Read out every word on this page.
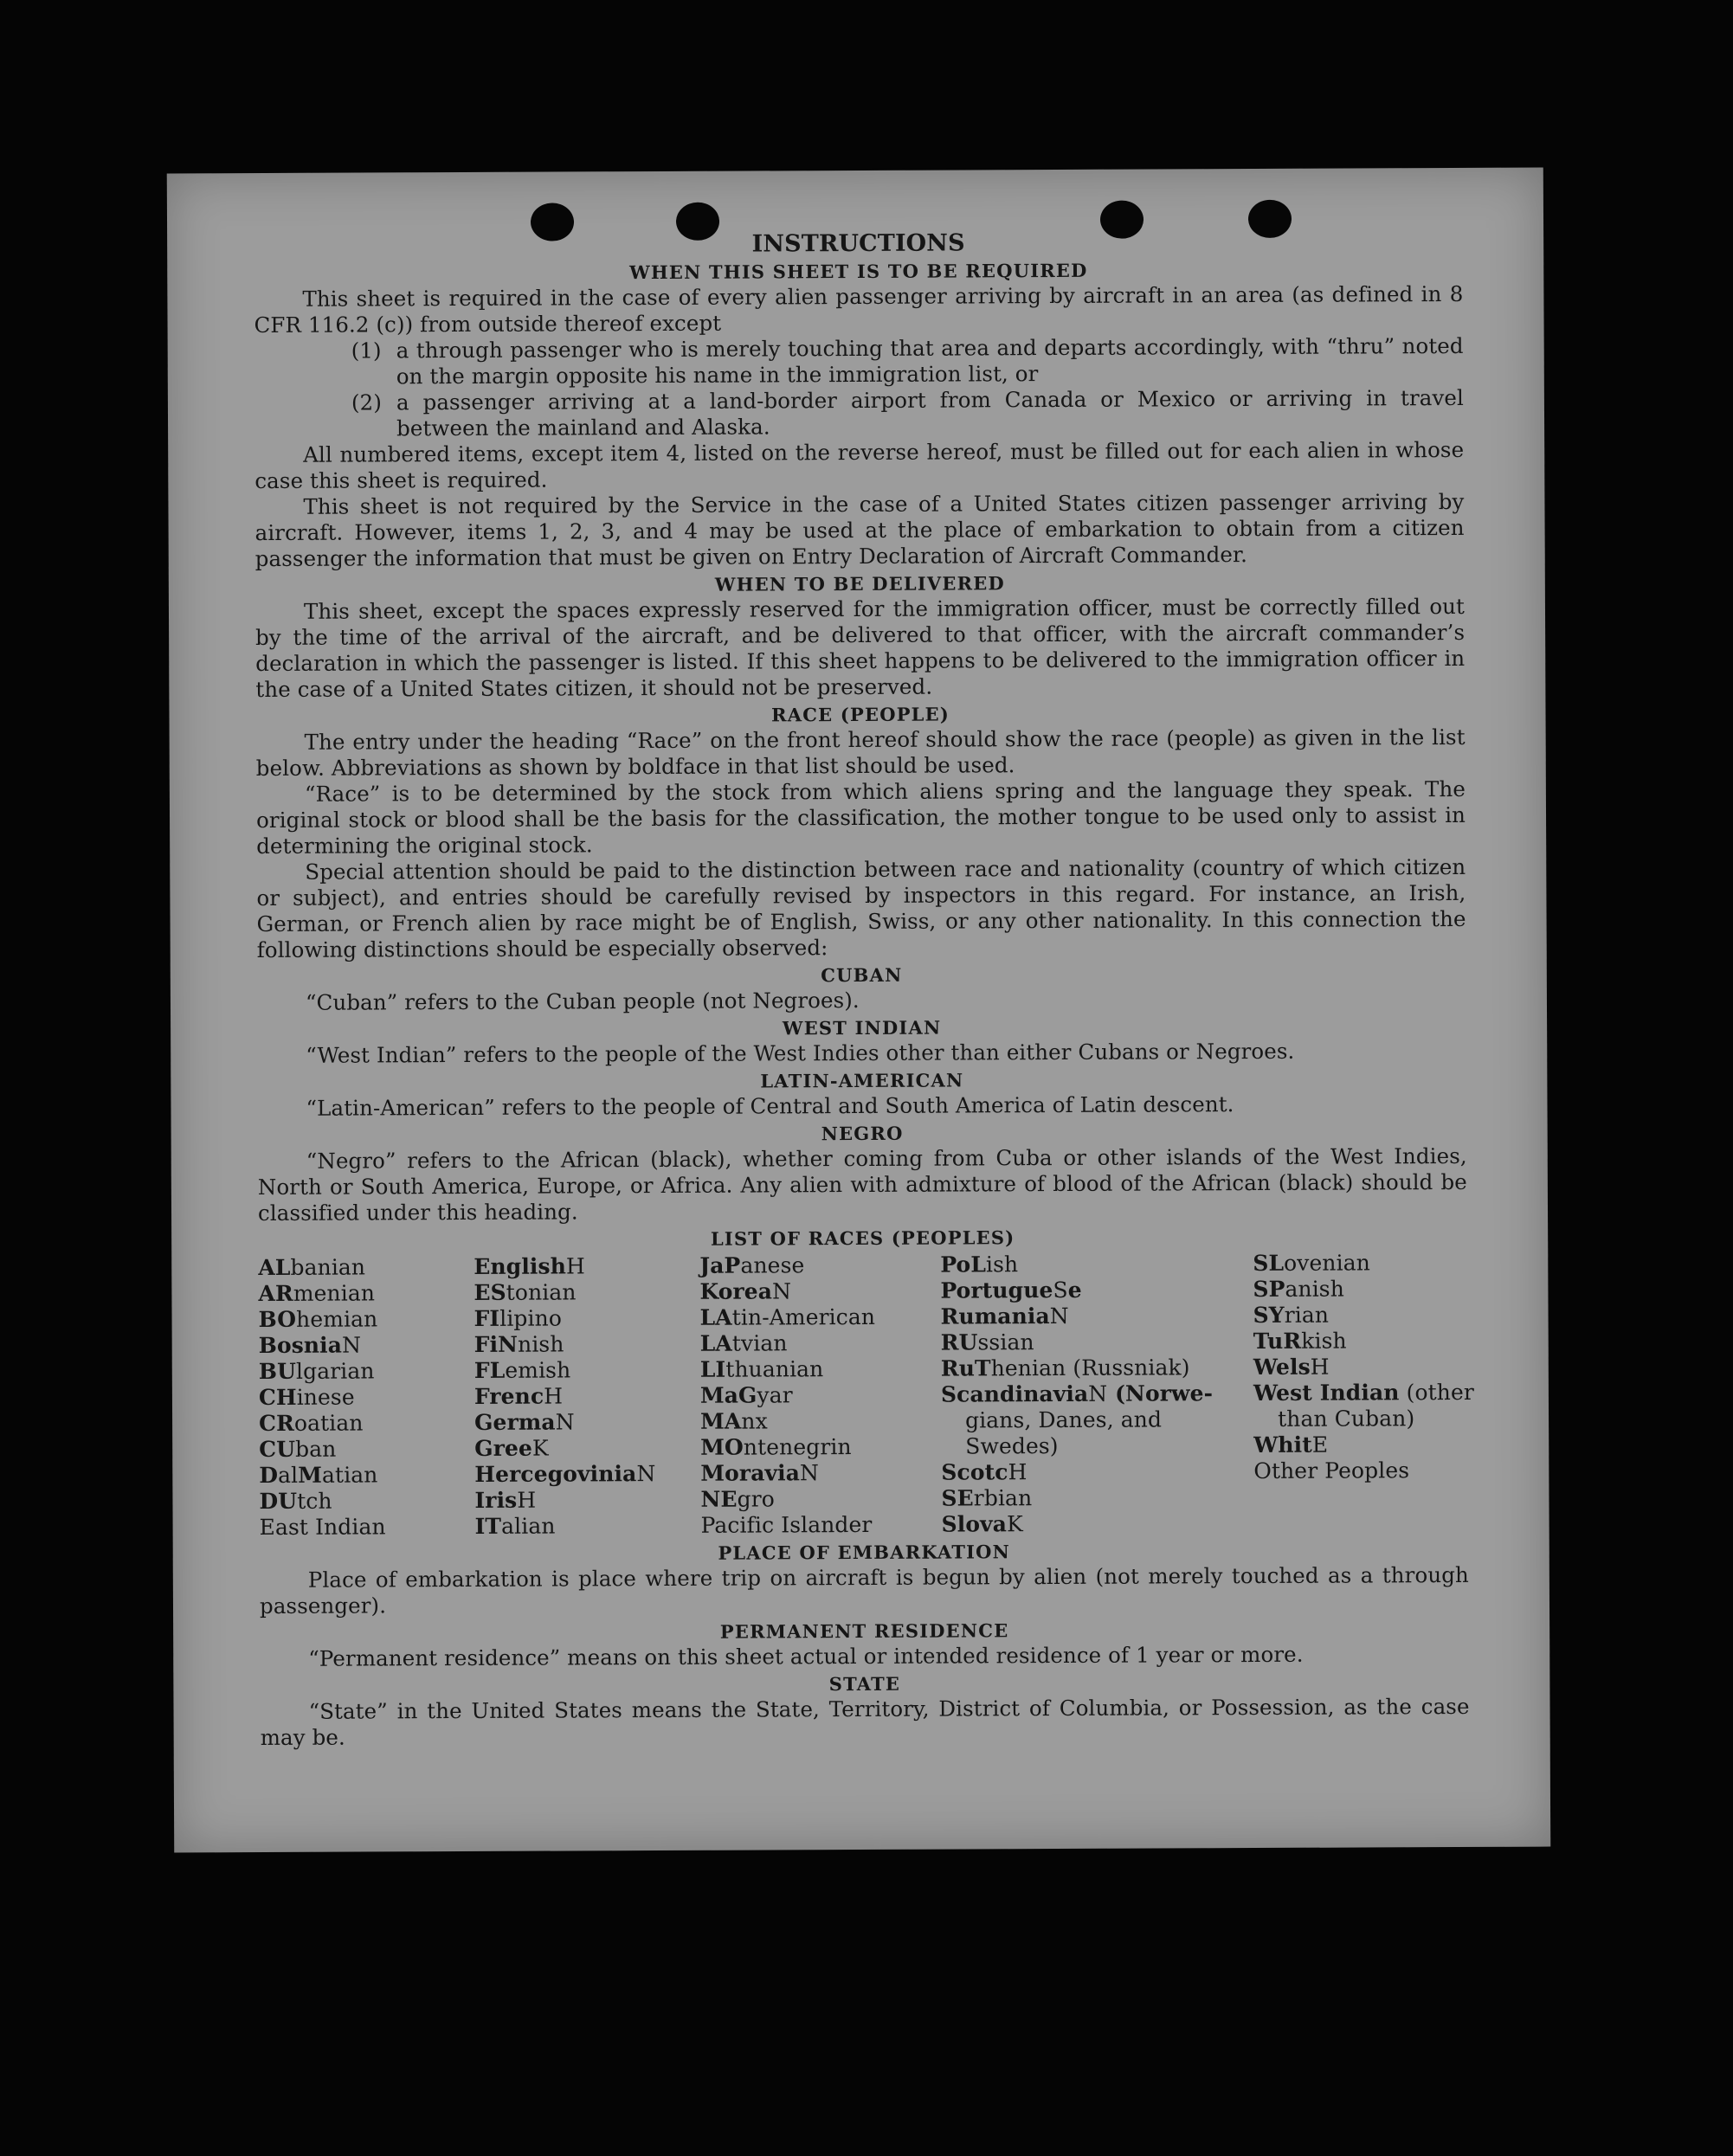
INSTRUCTIONS

WHEN THIS SHEET IS TO BE REQUIRED

This sheet is required in the case of every alien passenger arriving by aircraft in an area (as defined in 8 CFR 116.2 (c)) from outside thereof except

(1) a through passenger who is merely touching that area and departs accordingly, with “thru” noted on the margin opposite his name in the immigration list, or
(2) a passenger arriving at a land-border airport from Canada or Mexico or arriving in travel between the mainland and Alaska.

All numbered items, except item 4, listed on the reverse hereof, must be filled out for each alien in whose case this sheet is required.

This sheet is not required by the Service in the case of a United States citizen passenger arriving by aircraft. However, items 1, 2, 3, and 4 may be used at the place of embarkation to obtain from a citizen passenger the information that must be given on Entry Declaration of Aircraft Commander.

WHEN TO BE DELIVERED

This sheet, except the spaces expressly reserved for the immigration officer, must be correctly filled out by the time of the arrival of the aircraft, and be delivered to that officer, with the aircraft commander’s declaration in which the passenger is listed. If this sheet happens to be delivered to the immigration officer in the case of a United States citizen, it should not be preserved.

RACE (PEOPLE)

The entry under the heading “Race” on the front hereof should show the race (people) as given in the list below. Abbreviations as shown by boldface in that list should be used.

“Race” is to be determined by the stock from which aliens spring and the language they speak. The original stock or blood shall be the basis for the classification, the mother tongue to be used only to assist in determining the original stock.

Special attention should be paid to the distinction between race and nationality (country of which citizen or subject), and entries should be carefully revised by inspectors in this regard. For instance, an Irish, German, or French alien by race might be of English, Swiss, or any other nationality. In this connection the following distinctions should be especially observed:

CUBAN

“Cuban” refers to the Cuban people (not Negroes).

WEST INDIAN

“West Indian” refers to the people of the West Indies other than either Cubans or Negroes.

LATIN-AMERICAN

“Latin-American” refers to the people of Central and South America of Latin descent.

NEGRO

“Negro” refers to the African (black), whether coming from Cuba or other islands of the West Indies, North or South America, Europe, or Africa. Any alien with admixture of blood of the African (black) should be classified under this heading.

LIST OF RACES (PEOPLES)

ALbanian
ARmenian
BOhemian
BosniaN
BUlgarian
CHinese
CRoatian
CUban
DalMatian
DUtch
East Indian
EnglishH
EStonian
FIlipino
FiNnish
FLemish
FrencH
GermaN
GreeK
HercegoviniaN
IrisH
ITalian
JaPanese
KoreaN
LAtin-American
LAtvian
LIthuanian
MaGyar
MAnx
MOntenegrin
MoraviaN
NEgro
Pacific Islander
PoLish
PortugueSe
RumaniaN
RUssian
RuThenian (Russniak)
ScandinaviaN (Norwe-
gians, Danes, and
Swedes)
ScotcH
SErbian
SlovaK
SLovenian
SPanish
SYrian
TuRkish
WelsH
West Indian (other
than Cuban)
WhitE
Other Peoples

PLACE OF EMBARKATION

Place of embarkation is place where trip on aircraft is begun by alien (not merely touched as a through passenger).

PERMANENT RESIDENCE

“Permanent residence” means on this sheet actual or intended residence of 1 year or more.

STATE

“State” in the United States means the State, Territory, District of Columbia, or Possession, as the case may be.
